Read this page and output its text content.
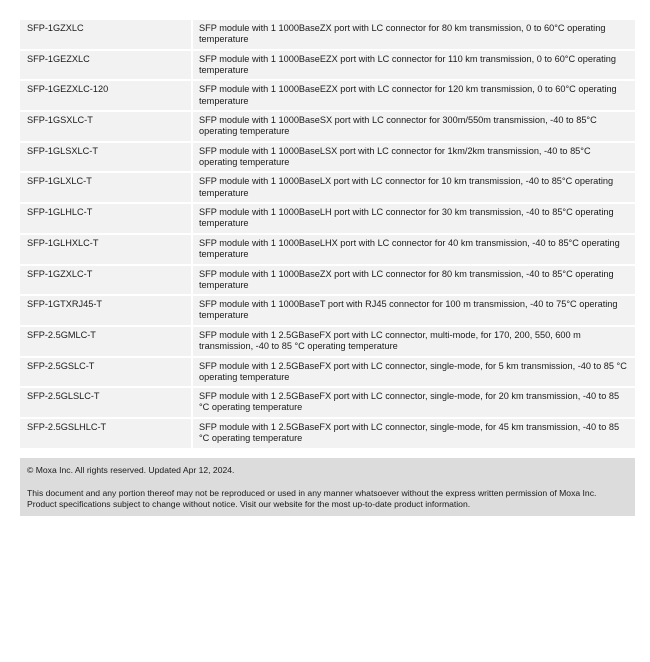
SFP-1GZXLC	SFP module with 1 1000BaseZX port with LC connector for 80 km transmission, 0 to 60°C operating temperature
SFP-1GEZXLC	SFP module with 1 1000BaseEZX port with LC connector for 110 km transmission, 0 to 60°C operating temperature
SFP-1GEZXLC-120	SFP module with 1 1000BaseEZX port with LC connector for 120 km transmission, 0 to 60°C operating temperature
SFP-1GSXLC-T	SFP module with 1 1000BaseSX port with LC connector for 300m/550m transmission, -40 to 85°C operating temperature
SFP-1GLSXLC-T	SFP module with 1 1000BaseLSX port with LC connector for 1km/2km transmission, -40 to 85°C operating temperature
SFP-1GLXLC-T	SFP module with 1 1000BaseLX port with LC connector for 10 km transmission, -40 to 85°C operating temperature
SFP-1GLHLC-T	SFP module with 1 1000BaseLH port with LC connector for 30 km transmission, -40 to 85°C operating temperature
SFP-1GLHXLC-T	SFP module with 1 1000BaseLHX port with LC connector for 40 km transmission, -40 to 85°C operating temperature
SFP-1GZXLC-T	SFP module with 1 1000BaseZX port with LC connector for 80 km transmission, -40 to 85°C operating temperature
SFP-1GTXRJ45-T	SFP module with 1 1000BaseT port with RJ45 connector for 100 m transmission, -40 to 75°C operating temperature
SFP-2.5GMLC-T	SFP module with 1 2.5GBaseFX port with LC connector, multi-mode, for 170, 200, 550, 600 m transmission, -40 to 85 °C operating temperature
SFP-2.5GSLC-T	SFP module with 1 2.5GBaseFX port with LC connector, single-mode, for 5 km transmission, -40 to 85 °C operating temperature
SFP-2.5GLSLC-T	SFP module with 1 2.5GBaseFX port with LC connector, single-mode, for 20 km transmission, -40 to 85 °C operating temperature
SFP-2.5GSLHLC-T	SFP module with 1 2.5GBaseFX port with LC connector, single-mode, for 45 km transmission, -40 to 85 °C operating temperature

© Moxa Inc. All rights reserved. Updated Apr 12, 2024.

This document and any portion thereof may not be reproduced or used in any manner whatsoever without the express written permission of Moxa Inc. Product specifications subject to change without notice. Visit our website for the most up-to-date product information.
